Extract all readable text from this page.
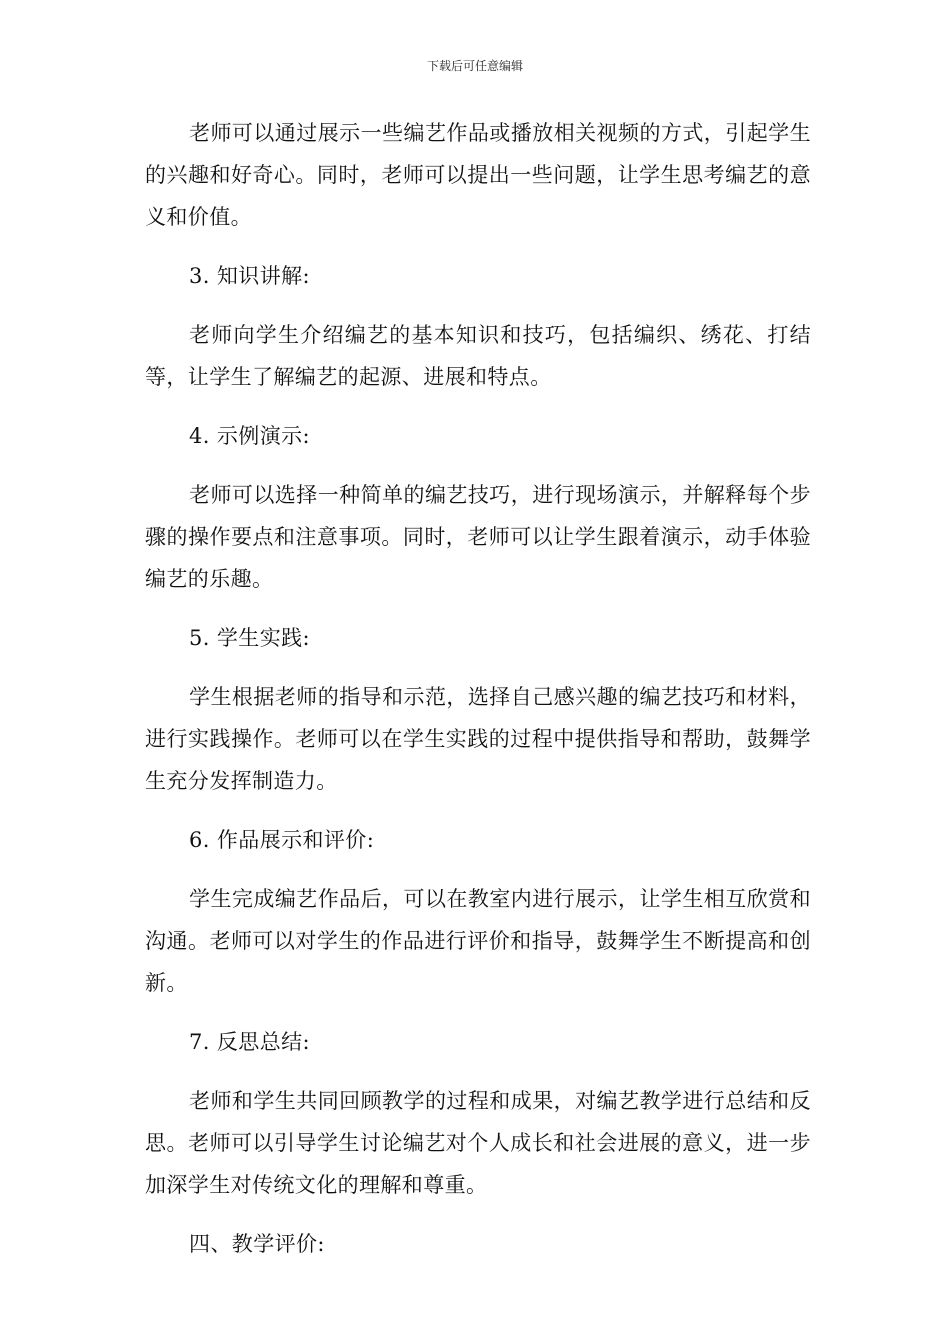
下载后可任意编辑

老师可以通过展示一些编艺作品或播放相关视频的方式，引起学生的兴趣和好奇心。同时，老师可以提出一些问题，让学生思考编艺的意义和价值。

3. 知识讲解:

老师向学生介绍编艺的基本知识和技巧，包括编织、绣花、打结等，让学生了解编艺的起源、进展和特点。

4. 示例演示:

老师可以选择一种简单的编艺技巧，进行现场演示，并解释每个步骤的操作要点和注意事项。同时，老师可以让学生跟着演示，动手体验编艺的乐趣。

5. 学生实践:

学生根据老师的指导和示范，选择自己感兴趣的编艺技巧和材料，进行实践操作。老师可以在学生实践的过程中提供指导和帮助，鼓舞学生充分发挥制造力。

6. 作品展示和评价:

学生完成编艺作品后，可以在教室内进行展示，让学生相互欣赏和沟通。老师可以对学生的作品进行评价和指导，鼓舞学生不断提高和创新。

7. 反思总结:

老师和学生共同回顾教学的过程和成果，对编艺教学进行总结和反思。老师可以引导学生讨论编艺对个人成长和社会进展的意义，进一步加深学生对传统文化的理解和尊重。

四、教学评价:
